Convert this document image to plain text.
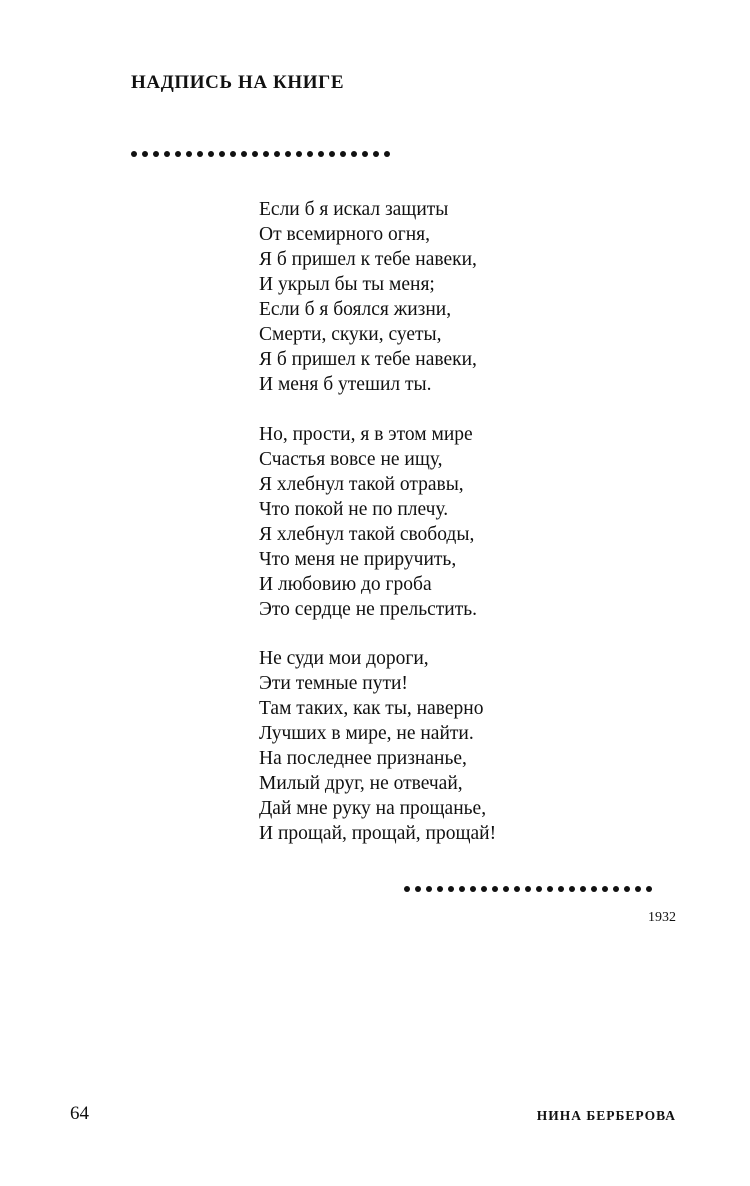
НАДПИСЬ НА КНИГЕ
Если б я искал защиты
От всемирного огня,
Я б пришел к тебе навеки,
И укрыл бы ты меня;
Если б я боялся жизни,
Смерти, скуки, суеты,
Я б пришел к тебе навеки,
И меня б утешил ты.
Но, прости, я в этом мире
Счастья вовсе не ищу,
Я хлебнул такой отравы,
Что покой не по плечу.
Я хлебнул такой свободы,
Что меня не приручить,
И любовию до гроба
Это сердце не прельстить.
Не суди мои дороги,
Эти темные пути!
Там таких, как ты, наверно
Лучших в мире, не найти.
На последнее признанье,
Милый друг, не отвечай,
Дай мне руку на прощанье,
И прощай, прощай, прощай!
1932
64	НИНА БЕРБЕРОВА
